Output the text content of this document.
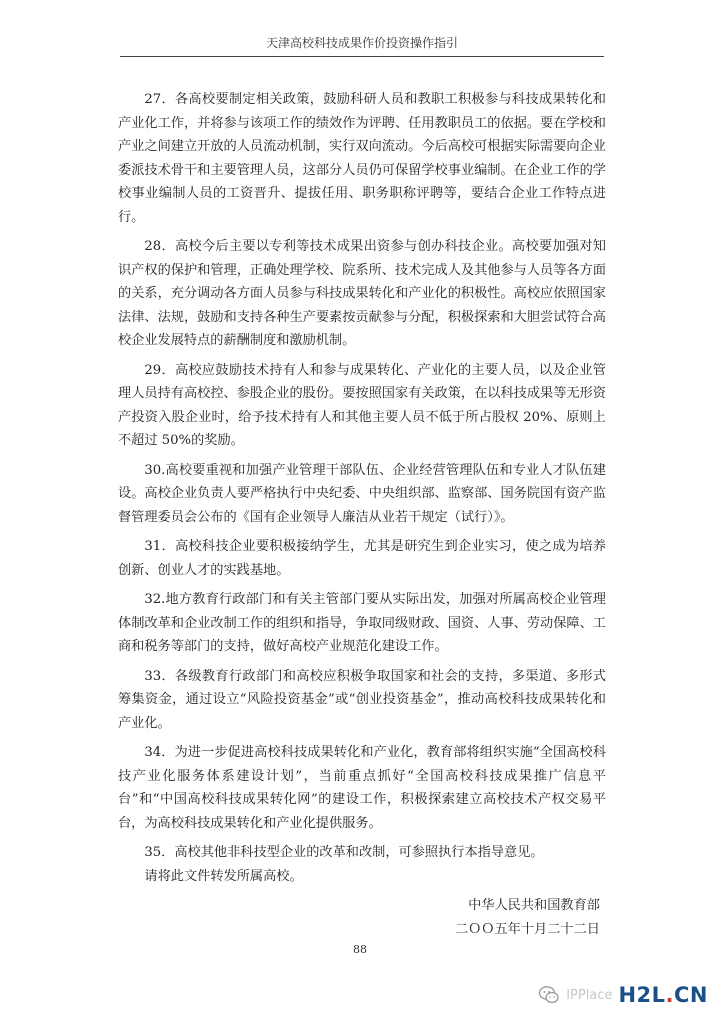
天津高校科技成果作价投资操作指引

27．各高校要制定相关政策，鼓励科研人员和教职工积极参与科技成果转化和产业化工作，并将参与该项工作的绩效作为评聘、任用教职员工的依据。要在学校和产业之间建立开放的人员流动机制，实行双向流动。今后高校可根据实际需要向企业委派技术骨干和主要管理人员，这部分人员仍可保留学校事业编制。在企业工作的学校事业编制人员的工资晋升、提拔任用、职务职称评聘等，要结合企业工作特点进行。

28．高校今后主要以专利等技术成果出资参与创办科技企业。高校要加强对知识产权的保护和管理，正确处理学校、院系所、技术完成人及其他参与人员等各方面的关系，充分调动各方面人员参与科技成果转化和产业化的积极性。高校应依照国家法律、法规，鼓励和支持各种生产要素按贡献参与分配，积极探索和大胆尝试符合高校企业发展特点的薪酬制度和激励机制。

29．高校应鼓励技术持有人和参与成果转化、产业化的主要人员，以及企业管理人员持有高校控、参股企业的股份。要按照国家有关政策，在以科技成果等无形资产投资入股企业时，给予技术持有人和其他主要人员不低于所占股权 20%、原则上不超过 50%的奖励。

30.高校要重视和加强产业管理干部队伍、企业经营管理队伍和专业人才队伍建设。高校企业负责人要严格执行中央纪委、中央组织部、监察部、国务院国有资产监督管理委员会公布的《国有企业领导人廉洁从业若干规定（试行）》。

31．高校科技企业要积极接纳学生，尤其是研究生到企业实习，使之成为培养创新、创业人才的实践基地。

32.地方教育行政部门和有关主管部门要从实际出发，加强对所属高校企业管理体制改革和企业改制工作的组织和指导，争取同级财政、国资、人事、劳动保障、工商和税务等部门的支持，做好高校产业规范化建设工作。

33．各级教育行政部门和高校应积极争取国家和社会的支持，多渠道、多形式筹集资金，通过设立“风险投资基金”或“创业投资基金”，推动高校科技成果转化和产业化。

34．为进一步促进高校科技成果转化和产业化，教育部将组织实施“全国高校科技产业化服务体系建设计划”，当前重点抓好“全国高校科技成果推广信息平台”和“中国高校科技成果转化网”的建设工作，积极探索建立高校技术产权交易平台，为高校科技成果转化和产业化提供服务。

35．高校其他非科技型企业的改革和改制，可参照执行本指导意见。

请将此文件转发所属高校。

中华人民共和国教育部
二ＯＯ五年十月二十二日
88
IPPlace H2L.CN
